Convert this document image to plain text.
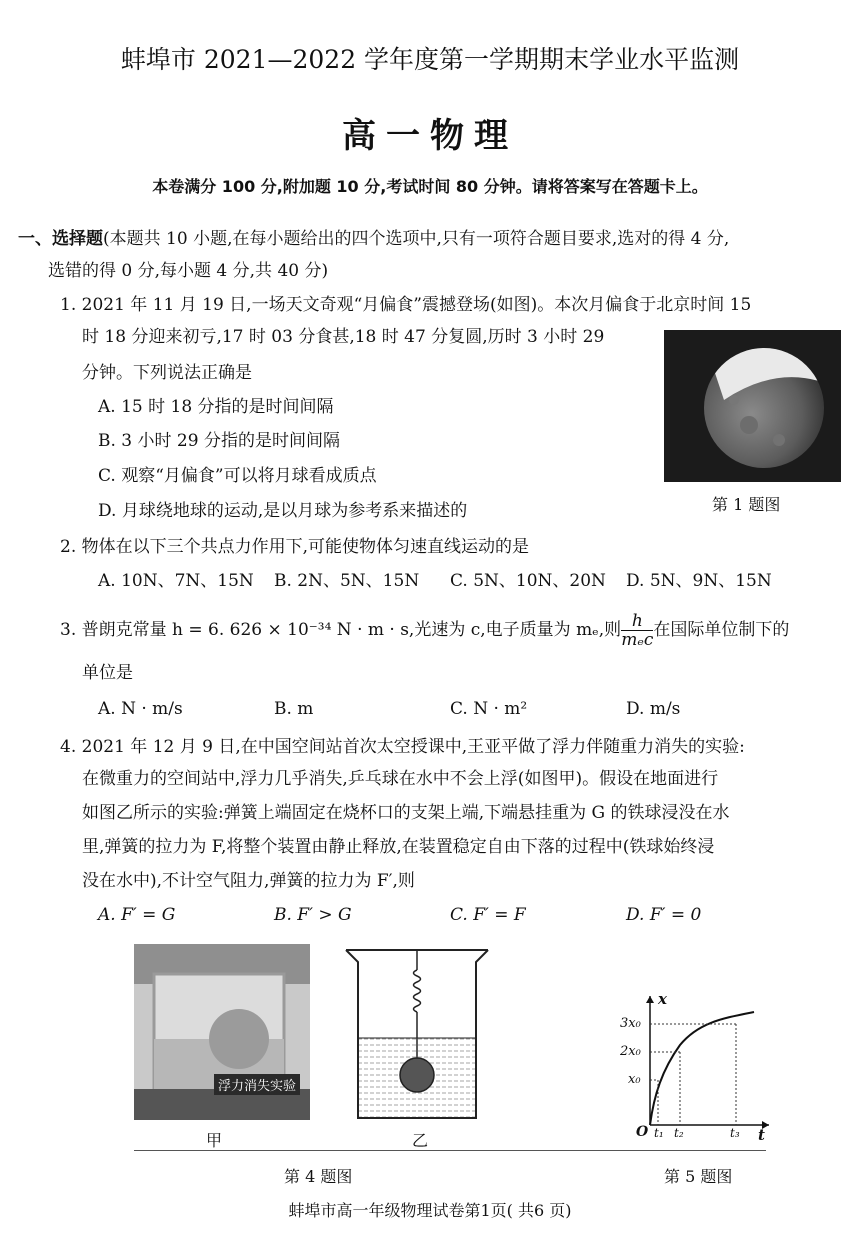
蚌埠市 2021—2022 学年度第一学期期末学业水平监测
高一物理
本卷满分 100 分,附加题 10 分,考试时间 80 分钟。请将答案写在答题卡上。
一、选择题(本题共 10 小题,在每小题给出的四个选项中,只有一项符合题目要求,选对的得 4 分,
选错的得 0 分,每小题 4 分,共 40 分)
1. 2021 年 11 月 19 日,一场天文奇观“月偏食”震撼登场(如图)。本次月偏食于北京时间 15
时 18 分迎来初亏,17 时 03 分食甚,18 时 47 分复圆,历时 3 小时 29
分钟。下列说法正确是
A. 15 时 18 分指的是时间间隔
B. 3 小时 29 分指的是时间间隔
C. 观察“月偏食”可以将月球看成质点
D. 月球绕地球的运动,是以月球为参考系来描述的	第 1 题图
2. 物体在以下三个共点力作用下,可能使物体匀速直线运动的是
A. 10N、7N、15N B. 2N、5N、15N C. 5N、10N、20N D. 5N、9N、15N
3. 普朗克常量 h = 6. 626 × 10⁻³⁴ N · m · s,光速为 c,电子质量为 mₑ,则 $\frac{h}{\text{mₑc}}$ 在国际单位制下的
单位是
A. N · m/s	B. m	C. N · m²	D. m/s
4. 2021 年 12 月 9 日,在中国空间站首次太空授课中,王亚平做了浮力伴随重力消失的实验:
在微重力的空间站中,浮力几乎消失,乒乓球在水中不会上浮(如图甲)。假设在地面进行
如图乙所示的实验:弹簧上端固定在烧杯口的支架上端,下端悬挂重为 G 的铁球浸没在水
里,弹簧的拉力为 F,将整个装置由静止释放,在装置稳定自由下落的过程中(铁球始终浸
没在水中),不计空气阻力,弹簧的拉力为 F′,则
A. F′ = G	B. F′ > G	C. F′ = F	D. F′ = 0
浮力消失实验
甲	乙
x
t
O
x₀
2x₀
3x₀
t₁ t₂	t₃
第 4 题图	第 5 题图
蚌埠市高一年级物理试卷第1页( 共6 页)
